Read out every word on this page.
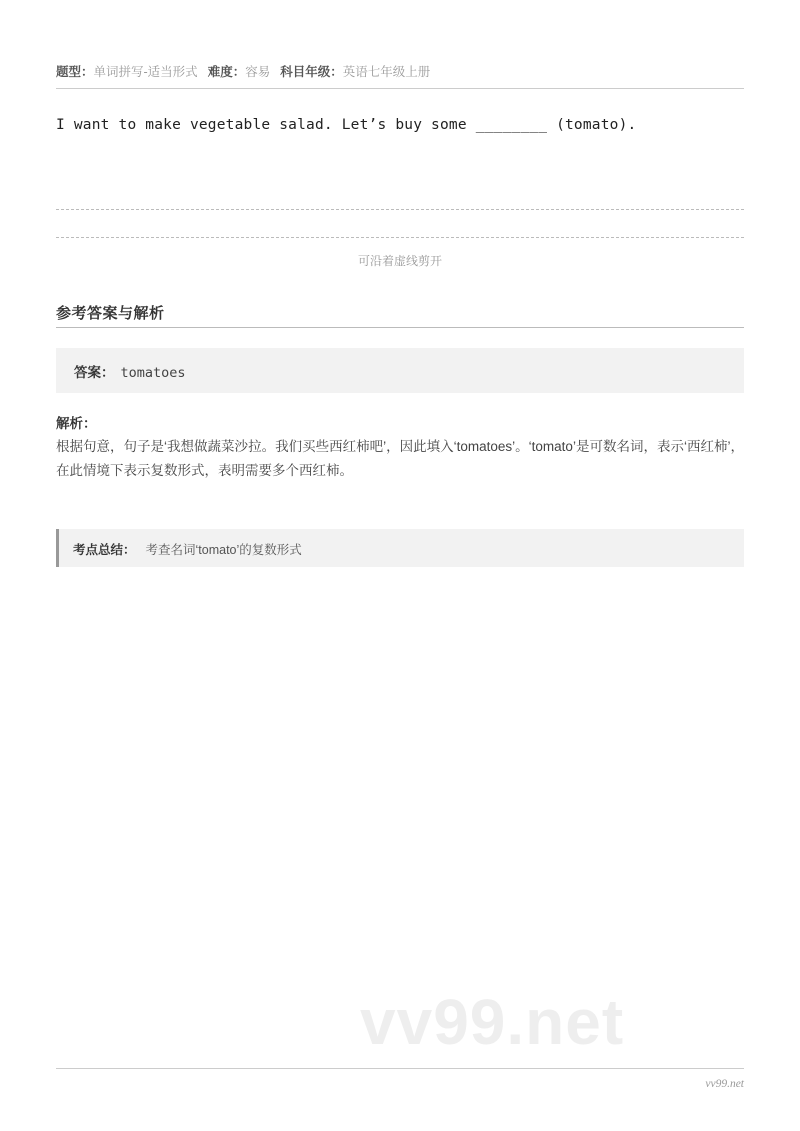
题型：单词拼写-适当形式 难度：容易 科目年级：英语七年级上册
I want to make vegetable salad. Let’s buy some ________ (tomato).
可沿着虚线剪开
参考答案与解析
答案： tomatoes
解析：
根据句意，句子是‘我想做蔬菜沙拉。我们买些西红柿吧’，因此填入‘tomatoes’。‘tomato’是可数名词，表示‘西红柿’，在此情境下表示复数形式，表明需要多个西红柿。
考点总结： 考查名词‘tomato’的复数形式
vv99.net
vv99.net
